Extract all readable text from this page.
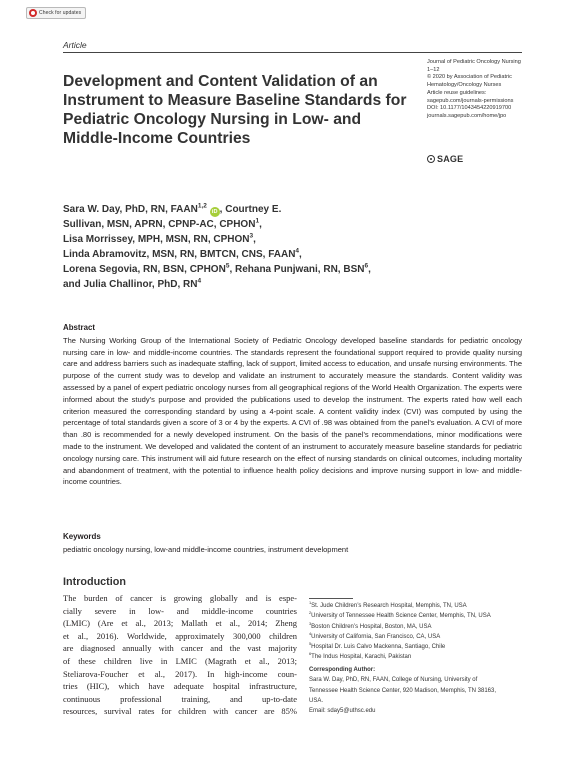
Check for updates
Article
Development and Content Validation of an Instrument to Measure Baseline Standards for Pediatric Oncology Nursing in Low- and Middle-Income Countries
Journal of Pediatric Oncology Nursing
1–12
© 2020 by Association of Pediatric
Hematology/Oncology Nurses
Article reuse guidelines:
sagepub.com/journals-permissions
DOI: 10.1177/1043454220919700
journals.sagepub.com/home/jpo
SAGE
Sara W. Day, PhD, RN, FAAN$^{1,2}$ iD , Courtney E.
Sullivan, MSN, APRN, CPNP-AC, CPHON$^1$,
Lisa Morrissey, MPH, MSN, RN, CPHON$^3$,
Linda Abramovitz, MSN, RN, BMTCN, CNS, FAAN$^4$,
Lorena Segovia, RN, BSN, CPHON$^5$, Rehana Punjwani, RN, BSN$^6$,
and Julia Challinor, PhD, $RN^4$
Abstract

The Nursing Working Group of the International Society of Pediatric Oncology developed baseline standards for pediatric oncology nursing care in low- and middle-income countries. The standards represent the foundational support required to provide quality nursing care and address barriers such as inadequate staffing, lack of support, limited access to education, and unsafe nursing environments. The purpose of the current study was to develop and validate an instrument to accurately measure the standards. Content validity was assessed by a panel of expert pediatric oncology nurses from all geographical regions of the World Health Organization. The experts were informed about the study’s purpose and provided the publications used to develop the instrument. The experts rated how well each criterion measured the corresponding standard by using a 4-point scale. A content validity index (CVI) was computed by using the percentage of total standards given a score of 3 or 4 by the experts. A CVI of .98 was obtained from the panel’s evaluation. A CVI of more than .80 is recommended for a newly developed instrument. On the basis of the panel’s recommendations, minor modifications were made to the instrument. We developed and validated the content of an instrument to accurately measure baseline standards for pediatric oncology nursing care. This instrument will aid future research on the effect of nursing standards on clinical outcomes, including mortality and abandonment of treatment, with the potential to influence health policy decisions and improve nursing support in low- and middle-income countries.

Keywords

pediatric oncology nursing, low-and middle-income countries, instrument development

Introduction
The burden of cancer is growing globally and is espe-
cially severe in low- and middle-income countries
(LMIC) (Are et al., 2013; Mallath et al., 2014; Zheng
et al., 2016). Worldwide, approximately 300,000 children
are diagnosed annually with cancer and the vast majority
of these children live in LMIC (Magrath et al., 2013;
Steliarova-Foucher et al., 2017). In high-income coun-
tries (HIC), which have adequate hospital infrastructure,
continuous professional training, and up-to-date
resources, survival rates for children with cancer are 85%
$^1$St. Jude Children’s Research Hospital, Memphis, TN, USA
$^2$University of Tennessee Health Science Center, Memphis, TN, USA
$^3$Boston Children’s Hospital, Boston, MA, USA
$^4$University of California, San Francisco, CA, USA
$^5$Hospital Dr. Luis Calvo Mackenna, Santiago, Chile
$^6$The Indus Hospital, Karachi, Pakistan
Corresponding Author:
Sara W. Day, PhD, RN, FAAN, College of Nursing, University of
Tennessee Health Science Center, 920 Madison, Memphis, TN 38163,
USA.
Email: sday5@uthsc.edu
